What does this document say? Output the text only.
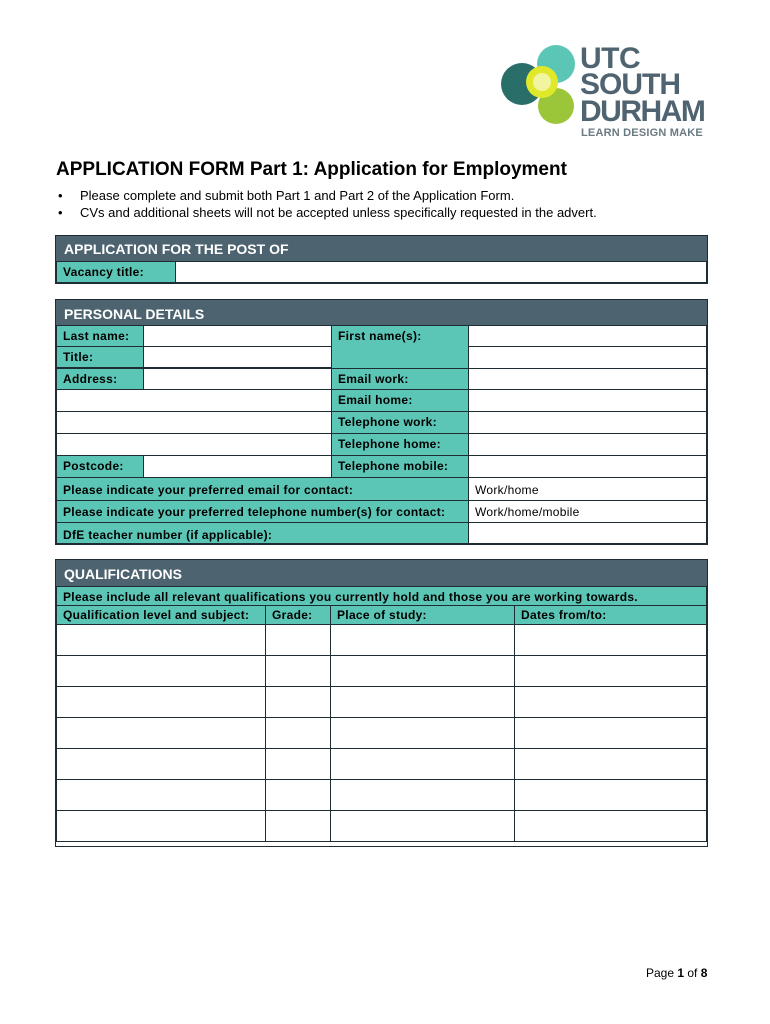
UTC
SOUTH
DURHAM
LEARN DESIGN MAKE
APPLICATION FORM Part 1: Application for Employment
• Please complete and submit both Part 1 and Part 2 of the Application Form.
• CVs and additional sheets will not be accepted unless specifically requested in the advert.
APPLICATION FOR THE POST OF
Vacancy title:
PERSONAL DETAILS
Last name:	First name(s):
Title:
Address:	Email work:
Email home:
Telephone work:
Telephone home:
Postcode:	Telephone mobile:
Please indicate your preferred email for contact:	Work/home
Please indicate your preferred telephone number(s) for contact:	Work/home/mobile
DfE teacher number (if applicable):
QUALIFICATIONS
Please include all relevant qualifications you currently hold and those you are working towards.
Qualification level and subject:	Grade:	Place of study:	Dates from/to:
Page 1 of 8
